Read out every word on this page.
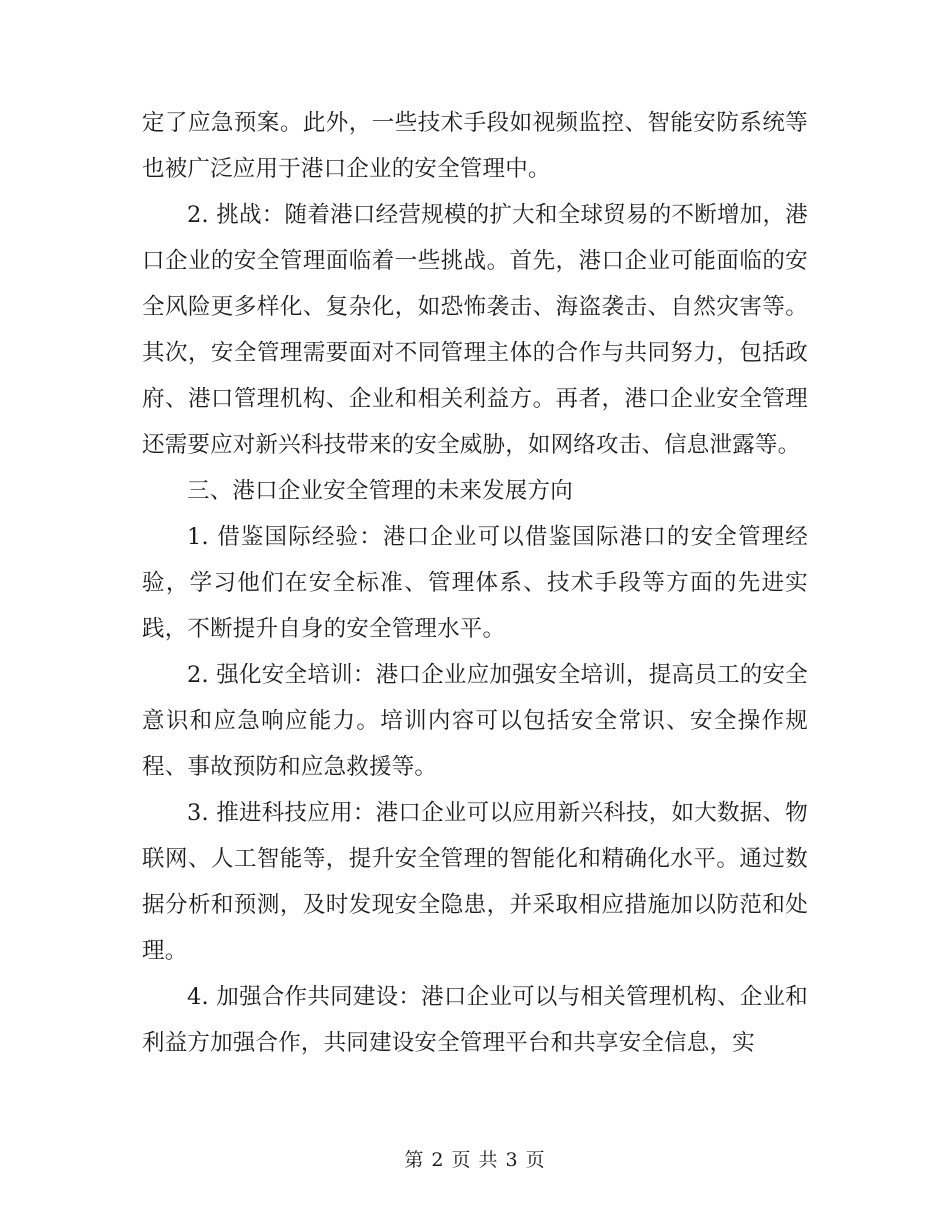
定了应急预案。此外，一些技术手段如视频监控、智能安防系统等也被广泛应用于港口企业的安全管理中。

2. 挑战：随着港口经营规模的扩大和全球贸易的不断增加，港口企业的安全管理面临着一些挑战。首先，港口企业可能面临的安全风险更多样化、复杂化，如恐怖袭击、海盗袭击、自然灾害等。其次，安全管理需要面对不同管理主体的合作与共同努力，包括政府、港口管理机构、企业和相关利益方。再者，港口企业安全管理还需要应对新兴科技带来的安全威胁，如网络攻击、信息泄露等。

三、港口企业安全管理的未来发展方向

1. 借鉴国际经验：港口企业可以借鉴国际港口的安全管理经验，学习他们在安全标准、管理体系、技术手段等方面的先进实践，不断提升自身的安全管理水平。

2. 强化安全培训：港口企业应加强安全培训，提高员工的安全意识和应急响应能力。培训内容可以包括安全常识、安全操作规程、事故预防和应急救援等。

3. 推进科技应用：港口企业可以应用新兴科技，如大数据、物联网、人工智能等，提升安全管理的智能化和精确化水平。通过数据分析和预测，及时发现安全隐患，并采取相应措施加以防范和处理。

4. 加强合作共同建设：港口企业可以与相关管理机构、企业和利益方加强合作，共同建设安全管理平台和共享安全信息，实

第 2 页 共 3 页
